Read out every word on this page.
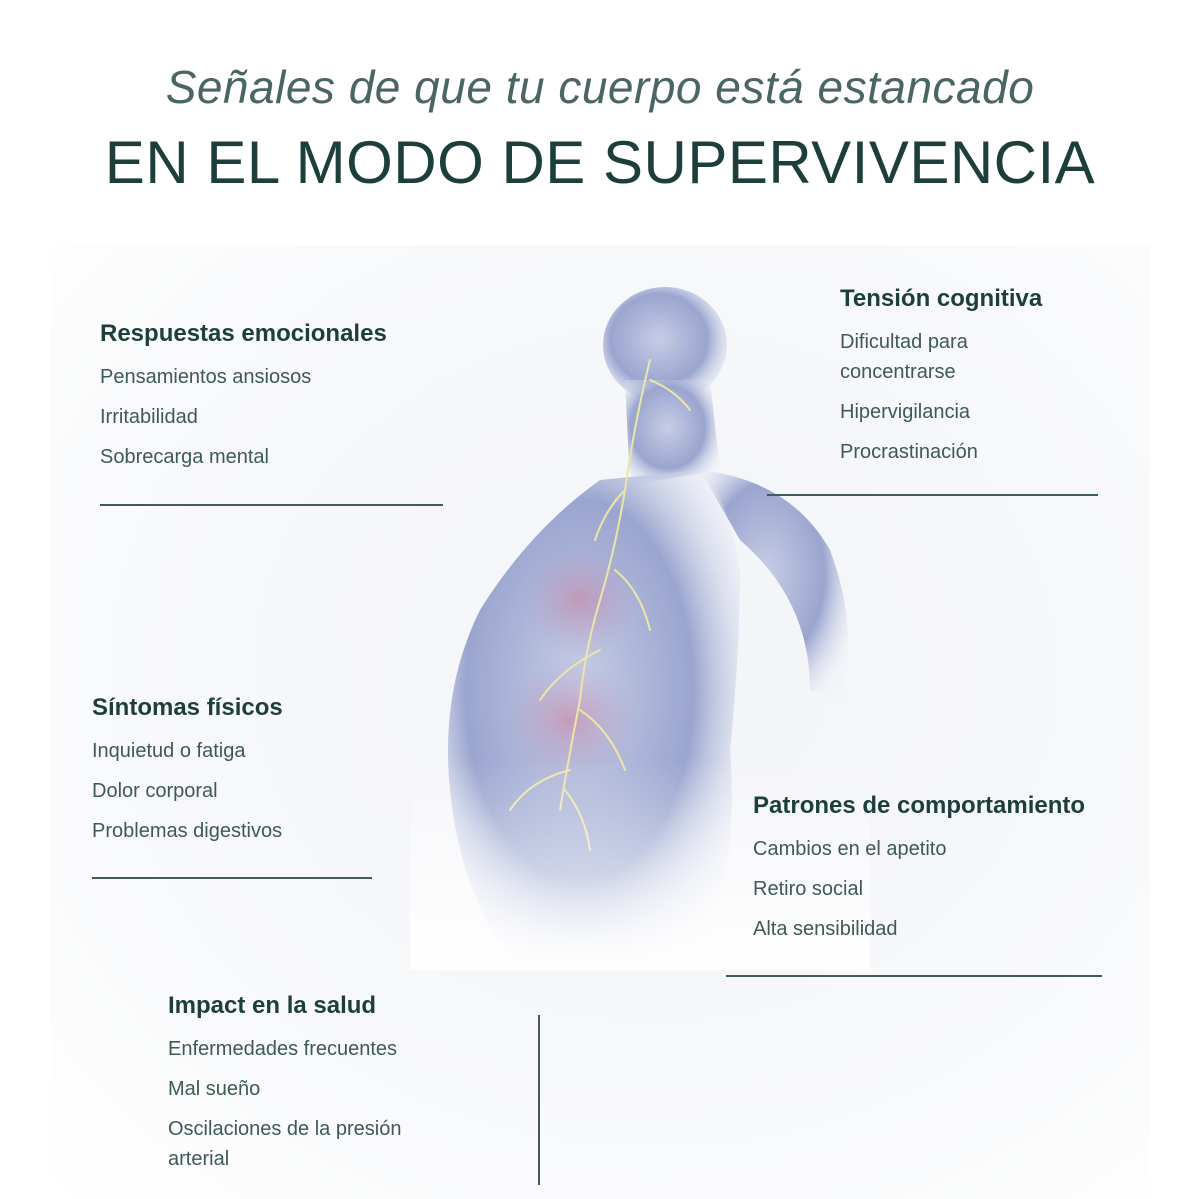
Señales de que tu cuerpo está estancado
EN EL MODO DE SUPERVIVENCIA
Respuestas emocionales
Pensamientos ansiosos
Irritabilidad
Sobrecarga mental
Tensión cognitiva
Dificultad para concentrarse
Hipervigilancia
Procrastinación
Síntomas físicos
Inquietud o fatiga
Dolor corporal
Problemas digestivos
Patrones de comportamiento
Cambios en el apetito
Retiro social
Alta sensibilidad
Impact en la salud
Enfermedades frecuentes
Mal sueño
Oscilaciones de la presión arterial
